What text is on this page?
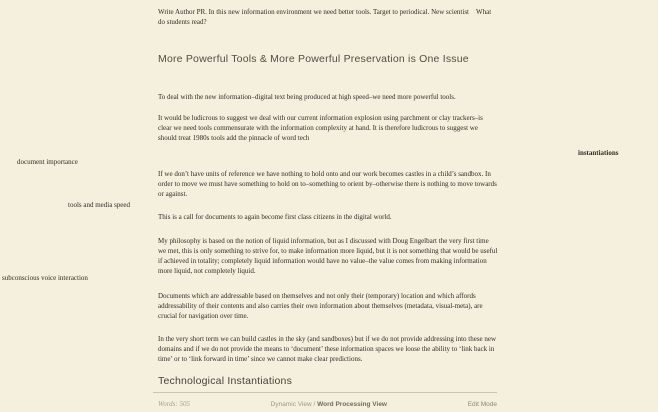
Write Author PR. In this new information environment we need better tools. Target to periodical. New scientist What do students read?

More Powerful Tools & More Powerful Preservation is One Issue

To deal with the new information–digital text being produced at high speed–we need more powerful tools.

It would be ludicrous to suggest we deal with our current information explosion using parchment or clay trackers–is clear we need tools commensurate with the information complexity at hand. It is therefore ludicrous to suggest we should treat 1980s tools add the pinnacle of word tech

If we don’t have units of reference we have nothing to hold onto and our work becomes castles in a child’s sandbox. In order to move we must have something to hold on to–something to orient by–otherwise there is nothing to move towards or against.

This is a call for documents to again become first class citizens in the digital world.

My philosophy is based on the notion of liquid information, but as I discussed with Doug Engelbart the very first time we met, this is only something to strive for, to make information more liquid, but it is not something that would be useful if achieved in totality; completely liquid information would have no value–the value comes from making information more liquid, not completely liquid.

Documents which are addressable based on themselves and not only their (temporary) location and which affords addressability of their contents and also carries their own information about themselves (metadata, visual-meta), are crucial for navigation over time.

In the very short term we can build castles in the sky (and sandboxes) but if we do not provide addressing into these new domains and if we do not provide the means to ‘document’ these information spaces we loose the ability to ‘link back in time’ or to ‘link forward in time’ since we cannot make clear predictions.

Technological Instantiations
document importance
tools and media speed
subconscious voice interaction
instantiations
Words: 505	Dynamic View / Word Processing View	Edit Mode
